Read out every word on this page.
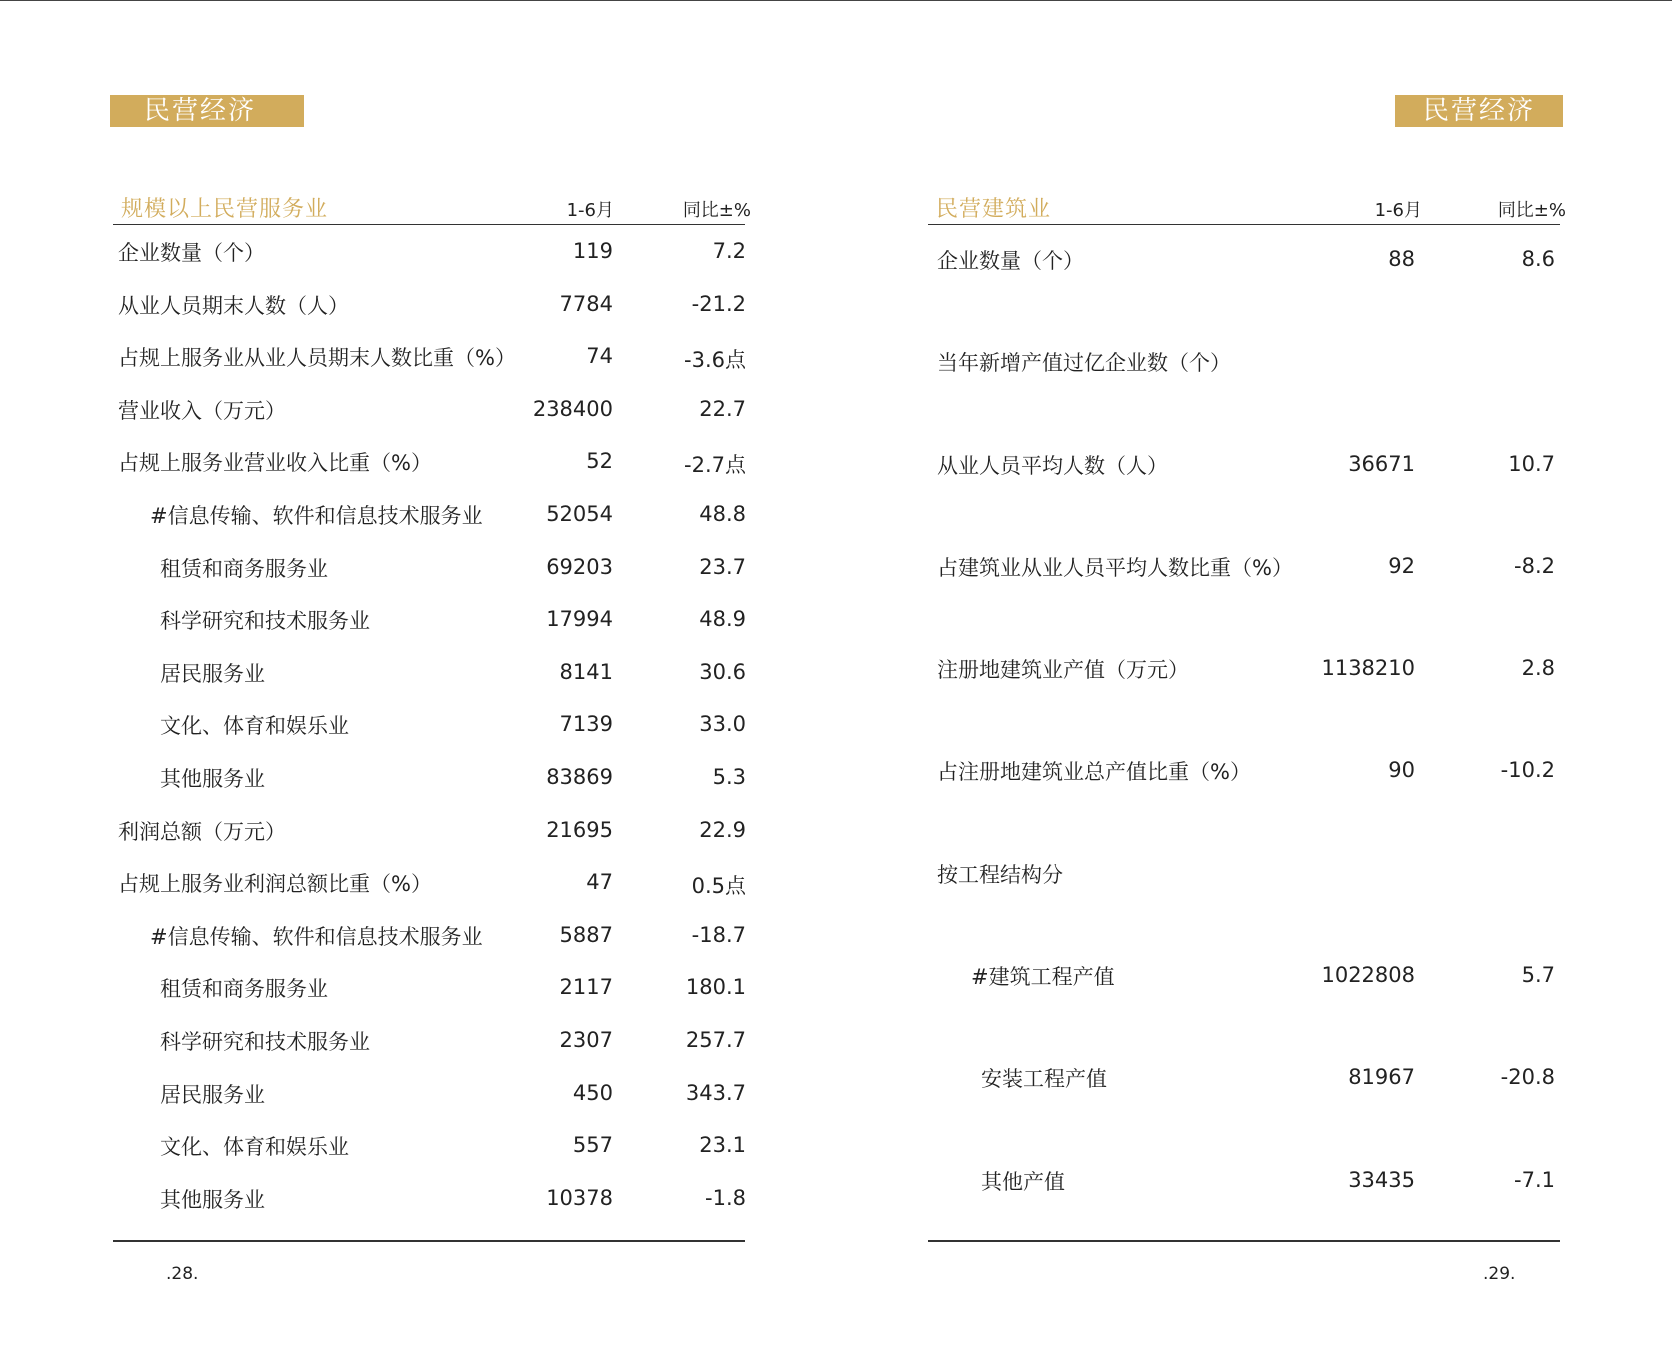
民营经济	民营经济
规模以上民营服务业	1-6月	同比±%
企业数量（个）	119	7.2
从业人员期末人数（人）	7784	-21.2
占规上服务业从业人员期末人数比重（%）	74	-3.6点
营业收入（万元）	238400	22.7
占规上服务业营业收入比重（%）	52	-2.7点
#信息传输、软件和信息技术服务业	52054	48.8
租赁和商务服务业	69203	23.7
科学研究和技术服务业	17994	48.9
居民服务业	8141	30.6
文化、体育和娱乐业	7139	33.0
其他服务业	83869	5.3
利润总额（万元）	21695	22.9
占规上服务业利润总额比重（%）	47	0.5点
#信息传输、软件和信息技术服务业	5887	-18.7
租赁和商务服务业	2117	180.1
科学研究和技术服务业	2307	257.7
居民服务业	450	343.7
文化、体育和娱乐业	557	23.1
其他服务业	10378	-1.8
.28.
民营建筑业	1-6月	同比±%
企业数量（个）	88	8.6
当年新增产值过亿企业数（个）
从业人员平均人数（人）	36671	10.7
占建筑业从业人员平均人数比重（%）	92	-8.2
注册地建筑业产值（万元）	1138210	2.8
占注册地建筑业总产值比重（%）	90	-10.2
按工程结构分
#建筑工程产值	1022808	5.7
安装工程产值	81967	-20.8
其他产值	33435	-7.1
.29.
